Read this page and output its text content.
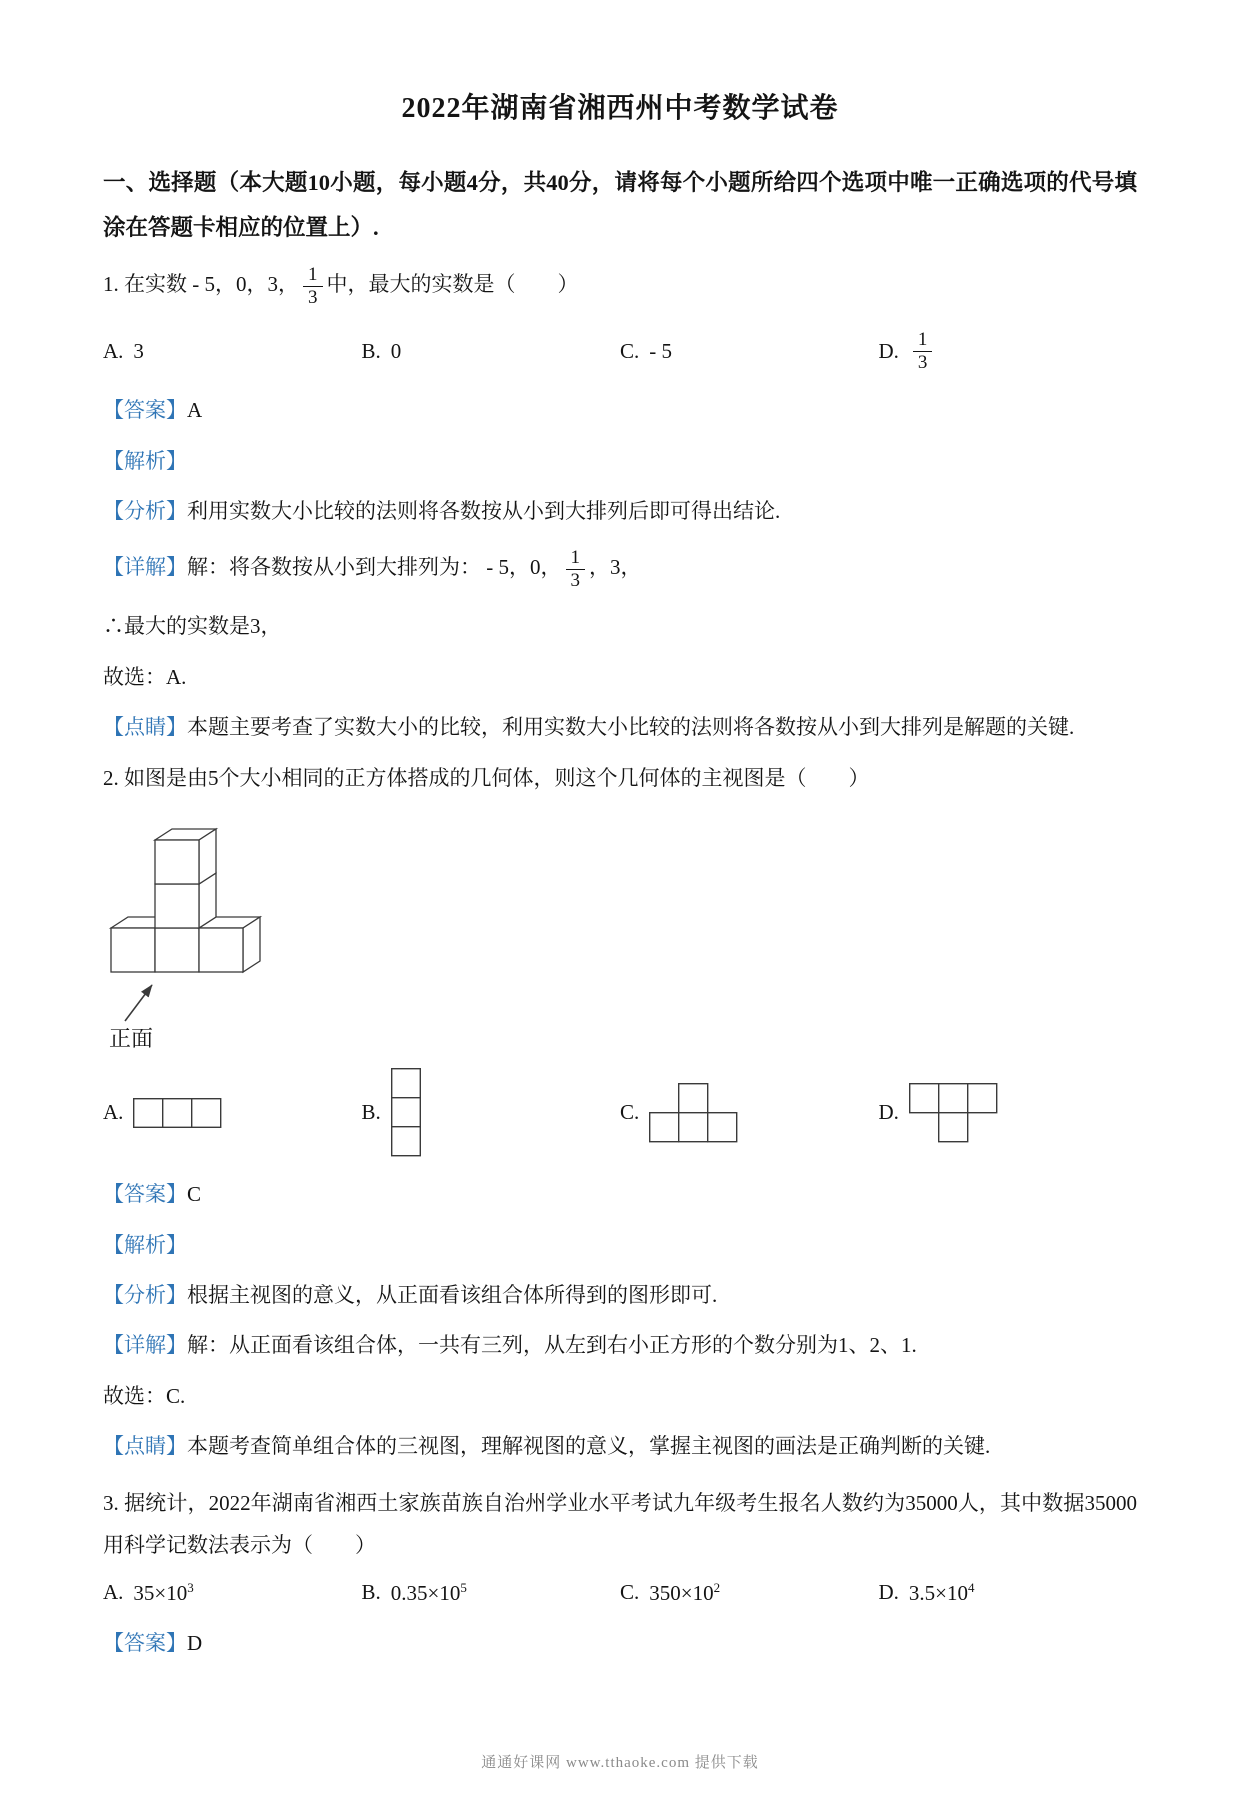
2022年湖南省湘西州中考数学试卷
一、选择题（本大题10小题，每小题4分，共40分，请将每个小题所给四个选项中唯一正确选项的代号填涂在答题卡相应的位置上）.

1. 在实数 - 5，0，3， $\frac{1}{3}$ 中，最大的实数是（　　）

A. 3	B. 0	C. - 5	D. $\frac{1}{3}$

【答案】A

【解析】

【分析】利用实数大小比较的法则将各数按从小到大排列后即可得出结论.

【详解】解：将各数按从小到大排列为： - 5，0， $\frac{1}{3}$ ，3，

∴最大的实数是3，

故选：A.

【点睛】本题主要考查了实数大小的比较，利用实数大小比较的法则将各数按从小到大排列是解题的关键.

2. 如图是由5个大小相同的正方体搭成的几何体，则这个几何体的主视图是（　　）

正面
A.	B.	C.	D.

【答案】C

【解析】

【分析】根据主视图的意义，从正面看该组合体所得到的图形即可.

【详解】解：从正面看该组合体，一共有三列，从左到右小正方形的个数分别为1、2、1.

故选：C.

【点睛】本题考查简单组合体的三视图，理解视图的意义，掌握主视图的画法是正确判断的关键.

3. 据统计，2022年湖南省湘西土家族苗族自治州学业水平考试九年级考生报名人数约为35000人，其中数据35000用科学记数法表示为（　　）

A. $35\times 10^3$	B. $0.35\times 10^5$	C. $350\times 10^2$	D. $3.5\times 10^4$

【答案】D

通通好课网 www.tthaoke.com 提供下载
